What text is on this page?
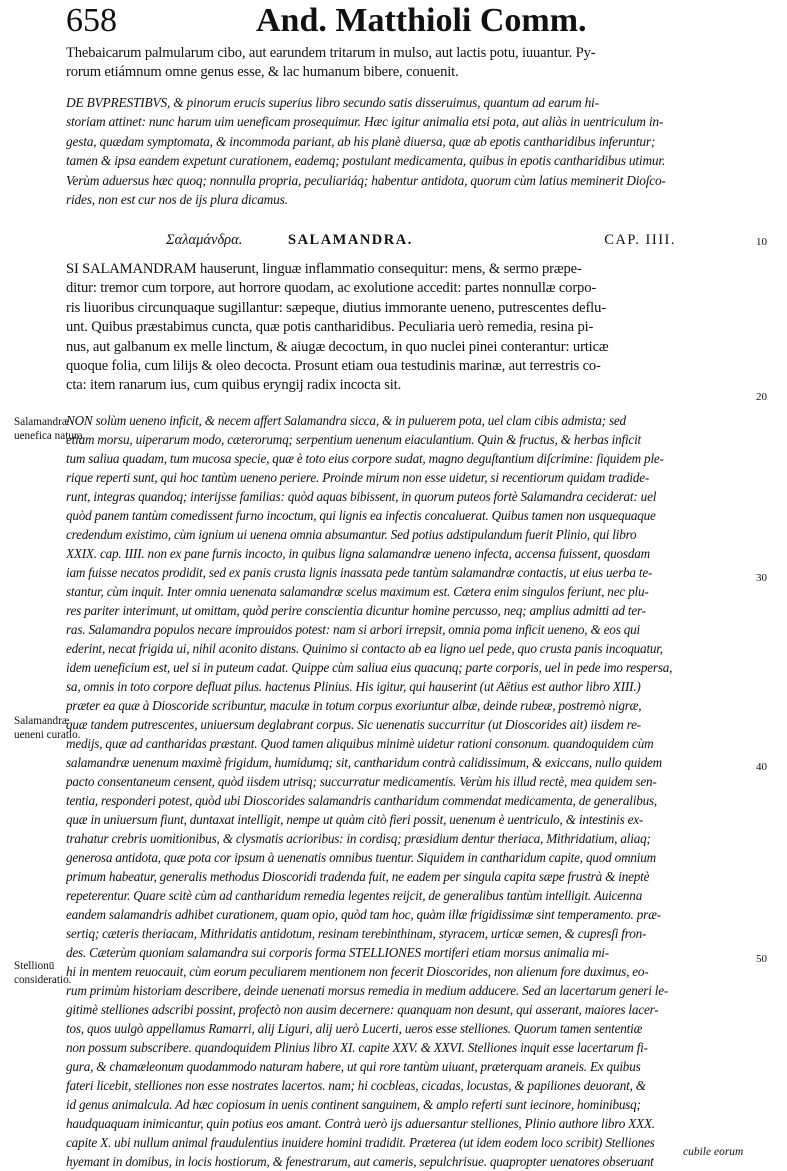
658	And. Matthioli Comm.
Thebaicarum palmularum cibo, aut earundem tritarum in mulso, aut lactis potu, iuuantur. Py-
rorum etiámnum omne genus esse, & lac humanum bibere, conuenit.
DE BVPRESTIBVS, & pinorum erucis superius libro secundo satis disseruimus, quantum ad earum hi-
storiam attinet: nunc harum uim ueneficam prosequimur. Hæc igitur animalia etsi pota, aut aliàs in uentriculum in-
gesta, quædam symptomata, & incommoda pariant, ab his planè diuersa, quæ ab epotis cantharidibus inferuntur;
tamen & ipsa eandem expetunt curationem, eademq; postulant medicamenta, quibus in epotis cantharidibus utimur.
Verùm aduersus hæc quoq; nonnulla propria, peculiariáq; habentur antidota, quorum cùm latius meminerit Dioſco-
rides, non est cur nos de ijs plura dicamus.
Σαλαμάνδρα.	SALAMANDRA.	CAP. IIII.
SI SALAMANDRAM hauserunt, linguæ inflammatio consequitur: mens, & sermo præpe-
ditur: tremor cum torpore, aut horrore quodam, ac exolutione accedit: partes nonnullæ corpo-
ris liuoribus circunquaque sugillantur: sæpeque, diutius immorante ueneno, putrescentes deflu-
unt. Quibus præstabimus cuncta, quæ potis cantharidibus. Peculiaria uerò remedia, resina pi-
nus, aut galbanum ex melle linctum, & aiugæ decoctum, in quo nuclei pinei conterantur: urticæ
quoque folia, cum lilijs & oleo decocta. Prosunt etiam oua testudinis marinæ, aut terrestris co-
cta: item ranarum ius, cum quibus eryngij radix incocta sit.
NON solùm ueneno inficit, & necem affert Salamandra sicca, & in puluerem pota, uel clam cibis admista; sed
etiam morsu, uiperarum modo, cæterorumq; serpentium uenenum eiaculantium. Quin & fructus, & herbas inficit
tum saliua quadam, tum mucosa specie, quæ è toto eius corpore sudat, magno deguſtantium diſcrimine: ſiquidem ple-
rique reperti sunt, qui hoc tantùm ueneno periere. Proinde mirum non esse uidetur, si recentiorum quidam tradide-
runt, integras quandoq; interijsse familias: quòd aquas bibissent, in quorum puteos fortè Salamandra ceciderat: uel
quòd panem tantùm comedissent furno incoctum, qui lignis ea infectis concaluerat. Quibus tamen non usquequaque
credendum existimo, cùm ignium ui uenena omnia absumantur. Sed potius adstipulandum fuerit Plinio, qui libro
XXIX. cap. IIII. non ex pane furnis incocto, in quibus ligna salamandræ ueneno infecta, accensa fuissent, quosdam
iam fuisse necatos prodidit, sed ex panis crusta lignis inassata pede tantùm salamandræ contactis, ut eius uerba te-
stantur, cùm inquit. Inter omnia uenenata salamandræ scelus maximum est. Cætera enim singulos feriunt, nec plu-
res pariter interimunt, ut omittam, quòd perire conscientia dicuntur homine percusso, neq; amplius admitti ad ter-
ras. Salamandra populos necare improuidos potest: nam si arbori irrepsit, omnia poma inficit ueneno, & eos qui
ederint, necat frigida ui, nihil aconito distans. Quinimo si contacto ab ea ligno uel pede, quo crusta panis incoquatur,
idem ueneficium est, uel si in puteum cadat. Quippe cùm saliua eius quacunq; parte corporis, uel in pede imo respersa,
sa, omnis in toto corpore defluat pilus. hactenus Plinius. His igitur, qui hauserint (ut Aëtius est author libro XIII.)
præter ea quæ à Dioscoride scribuntur, maculæ in totum corpus exoriuntur albæ, deinde rubeæ, postremò nigræ,
quæ tandem putrescentes, uniuersum deglabrant corpus. Sic uenenatis succurritur (ut Dioscorides ait) iisdem re-
medijs, quæ ad cantharidas præstant. Quod tamen aliquibus minimè uidetur rationi consonum. quandoquidem cùm
salamandræ uenenum maximè frigidum, humidumq; sit, cantharidum contrà calidissimum, & exiccans, nullo quidem
pacto consentaneum censent, quòd iisdem utrisq; succurratur medicamentis. Verùm his illud rectè, mea quidem sen-
tentia, responderi potest, quòd ubi Dioscorides salamandris cantharidum commendat medicamenta, de generalibus,
quæ in uniuersum fiunt, duntaxat intelligit, nempe ut quàm citò fieri possit, uenenum è uentriculo, & intestinis ex-
trahatur crebris uomitionibus, & clysmatis acrioribus: in cordisq; præsidium dentur theriaca, Mithridatium, aliaq;
generosa antidota, quæ pota cor ipsum à uenenatis omnibus tuentur. Siquidem in cantharidum capite, quod omnium
primum habeatur, generalis methodus Dioscoridi tradenda fuit, ne eadem per singula capita sæpe frustrà & ineptè
repeterentur. Quare scitè cùm ad cantharidum remedia legentes reijcit, de generalibus tantùm intelligit. Auicenna
eandem salamandris adhibet curationem, quam opio, quòd tam hoc, quàm illæ frigidissimæ sint temperamento. præ-
sertiq; cæteris theriacam, Mithridatis antidotum, resinam terebinthinam, styracem, urticæ semen, & cupresſi fron-
des. Cæterùm quoniam salamandra sui corporis forma STELLIONES mortiferi etiam morsus animalia mi-
hi in mentem reuocauit, cùm eorum peculiarem mentionem non fecerit Dioscorides, non alienum fore duximus, eo-
rum primùm historiam describere, deinde uenenati morsus remedia in medium adducere. Sed an lacertarum generi le-
gitimè stelliones adscribi possint, profectò non ausim decernere: quanquam non desunt, qui asserant, maiores lacer-
tos, quos uulgò appellamus Ramarri, alij Liguri, alij uerò Lucerti, ueros esse stelliones. Quorum tamen sententiæ
non possum subscribere. quandoquidem Plinius libro XI. capite XXV. & XXVI. Stelliones inquit esse lacertarum fi-
gura, & chamæleonum quodammodo naturam habere, ut qui rore tantùm uiuant, præterquam araneis. Ex quibus
fateri licebit, stelliones non esse nostrates lacertos. nam; hi cocbleas, cicadas, locustas, & papiliones deuorant, &
id genus animalcula. Ad hæc copiosum in uenis continent sanguinem, & amplo referti sunt iecinore, hominibusq;
haudquaquam inimicantur, quin potius eos amant. Contrà uerò ijs aduersantur stelliones, Plinio authore libro XXX.
capite X. ubi nullum animal fraudulentius inuidere homini tradidit. Præterea (ut idem eodem loco scribit) Stelliones
hyemant in domibus, in locis hostiorum, & fenestrarum, aut cameris, sepulchrisue. quapropter uenatores obseruant
Salamandræ uenefica natura.
Salamandræ ueneni curatio.
Stellionū consideratio.
10
20
30
40
50
cubile eorum
